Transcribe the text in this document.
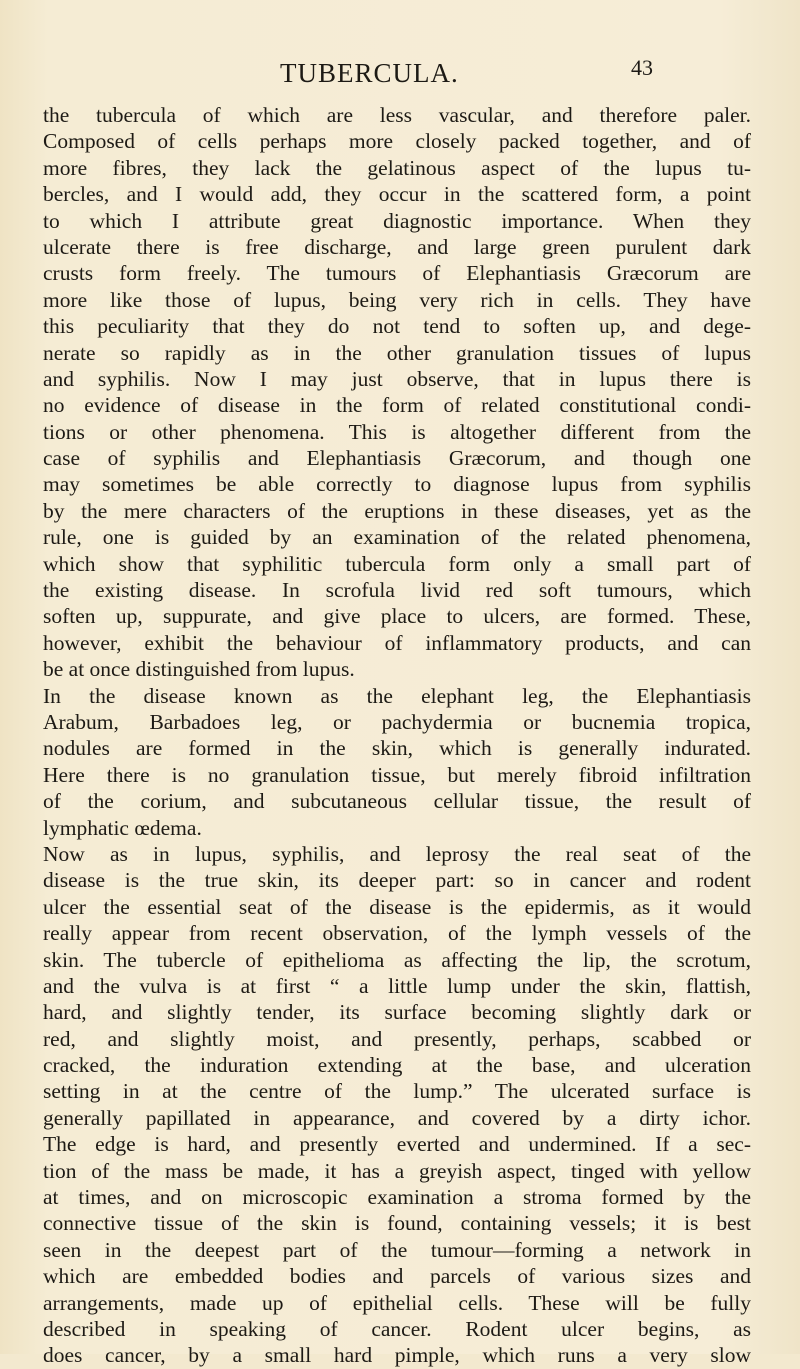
TUBERCULA.	43
the tubercula of which are less vascular, and therefore paler.
Composed of cells perhaps more closely packed together, and of
more fibres, they lack the gelatinous aspect of the lupus tu-
bercles, and I would add, they occur in the scattered form, a point
to which I attribute great diagnostic importance. When they
ulcerate there is free discharge, and large green purulent dark
crusts form freely. The tumours of Elephantiasis Græcorum are
more like those of lupus, being very rich in cells. They have
this peculiarity that they do not tend to soften up, and dege-
nerate so rapidly as in the other granulation tissues of lupus
and syphilis. Now I may just observe, that in lupus there is
no evidence of disease in the form of related constitutional condi-
tions or other phenomena. This is altogether different from the
case of syphilis and Elephantiasis Græcorum, and though one
may sometimes be able correctly to diagnose lupus from syphilis
by the mere characters of the eruptions in these diseases, yet as the
rule, one is guided by an examination of the related phenomena,
which show that syphilitic tubercula form only a small part of
the existing disease. In scrofula livid red soft tumours, which
soften up, suppurate, and give place to ulcers, are formed. These,
however, exhibit the behaviour of inflammatory products, and can
be at once distinguished from lupus.
In the disease known as the elephant leg, the Elephantiasis
Arabum, Barbadoes leg, or pachydermia or bucnemia tropica,
nodules are formed in the skin, which is generally indurated.
Here there is no granulation tissue, but merely fibroid infiltration
of the corium, and subcutaneous cellular tissue, the result of
lymphatic œdema.
Now as in lupus, syphilis, and leprosy the real seat of the
disease is the true skin, its deeper part: so in cancer and rodent
ulcer the essential seat of the disease is the epidermis, as it would
really appear from recent observation, of the lymph vessels of the
skin. The tubercle of epithelioma as affecting the lip, the scrotum,
and the vulva is at first “ a little lump under the skin, flattish,
hard, and slightly tender, its surface becoming slightly dark or
red, and slightly moist, and presently, perhaps, scabbed or
cracked, the induration extending at the base, and ulceration
setting in at the centre of the lump.” The ulcerated surface is
generally papillated in appearance, and covered by a dirty ichor.
The edge is hard, and presently everted and undermined. If a sec-
tion of the mass be made, it has a greyish aspect, tinged with yellow
at times, and on microscopic examination a stroma formed by the
connective tissue of the skin is found, containing vessels; it is best
seen in the deepest part of the tumour—forming a network in
which are embedded bodies and parcels of various sizes and
arrangements, made up of epithelial cells. These will be fully
described in speaking of cancer. Rodent ulcer begins, as
does cancer, by a small hard pimple, which runs a very slow
